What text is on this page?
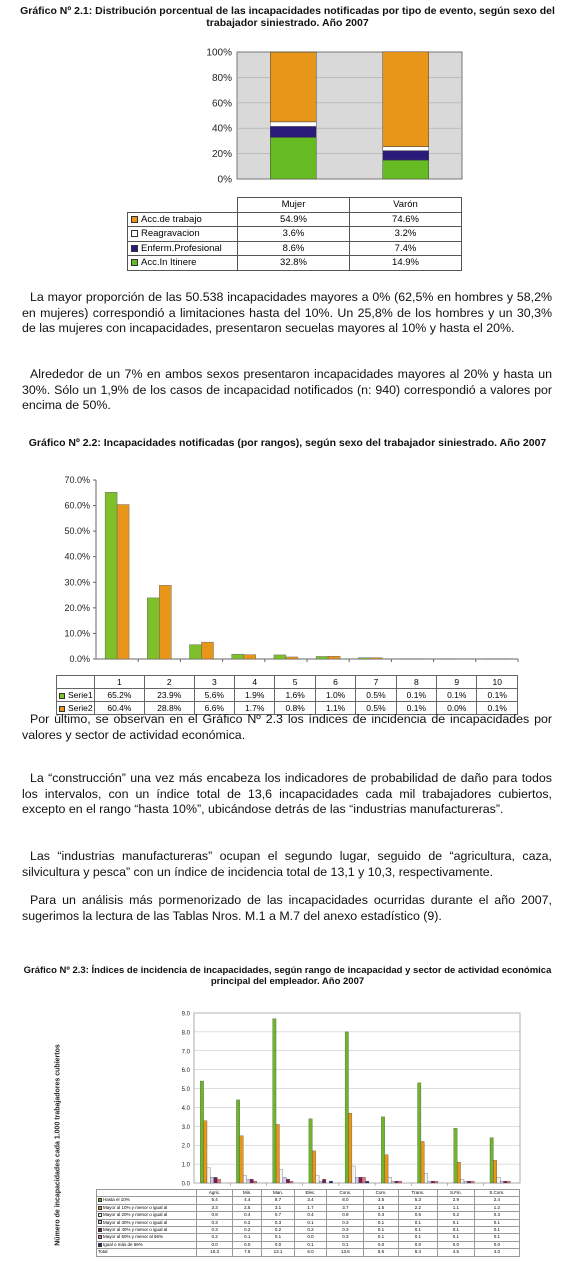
Gráfico Nº 2.1: Distribución porcentual de las incapacidades notificadas por tipo de evento, según sexo del trabajador siniestrado. Año 2007
0%
20%
40%
60%
80%
100%
	Mujer	Varón
Acc.de trabajo	54.9%	74.6%
Reagravacion	3.6%	3.2%
Enferm.Profesional	8.6%	7.4%
Acc.In Itinere	32.8%	14.9%
La mayor proporción de las 50.538 incapacidades mayores a 0% (62,5% en hombres y 58,2% en mujeres) correspondió a limitaciones hasta del 10%. Un 25,8% de los hombres y un 30,3% de las mujeres con incapacidades, presentaron secuelas mayores al 10% y hasta el 20%.
Alrededor de un 7% en ambos sexos presentaron incapacidades mayores al 20% y hasta un 30%. Sólo un 1,9% de los casos de incapacidad notificados (n: 940) correspondió a valores por encima de 50%.
Gráfico Nº 2.2: Incapacidades notificadas (por rangos), según sexo del trabajador siniestrado. Año 2007
0.0%
10.0%
20.0%
30.0%
40.0%
50.0%
60.0%
70.0%
	1	2	3	4	5	6	7	8	9	10
Serie1	65.2%	23.9%	5.6%	1.9%	1.6%	1.0%	0.5%	0.1%	0.1%	0.1%
Serie2	60.4%	28.8%	6.6%	1.7%	0.8%	1.1%	0.5%	0.1%	0.0%	0.1%
Por último, se observan en el Gráfico Nº 2.3 los índices de incidencia de incapacidades por valores y sector de actividad económica.
La “construcción” una vez más encabeza los indicadores de probabilidad de daño para todos los intervalos, con un índice total de 13,6 incapacidades cada mil trabajadores cubiertos, excepto en el rango “hasta 10%”, ubicándose detrás de las “industrias manufactureras”.
Las “industrias manufactureras” ocupan el segundo lugar, seguido de “agricultura, caza, silvicultura y pesca” con un índice de incidencia total de 13,1 y 10,3, respectivamente.
Para un análisis más pormenorizado de las incapacidades ocurridas durante el año 2007, sugerimos la lectura de las Tablas Nros. M.1 a M.7 del anexo estadístico (9).
Gráfico Nº 2.3: Índices de incidencia de incapacidades, según rango de incapacidad y sector de actividad económica principal del empleador. Año 2007
Número de incapacidades cada 1.000 trabajadores cubiertos	0.0
1.0
2.0
3.0
4.0
5.0
6.0
7.0
8.0
9.0
	Agric.	Min.	Man.	Elec.	Cons.	Com.	Trans.	S.Fin.	S.Com.
Hasta el 10%	5.4	4.4	8.7	3.4	8.0	3.5	5.3	2.9	2.4
Mayor al 10% y menor o igual al	3.3	2.5	3.1	1.7	3.7	1.5	2.2	1.1	1.2
Mayor al 20% y menor o igual al	0.8	0.4	0.7	0.4	0.9	0.3	0.5	0.2	0.3
Mayor al 30% y menor o igual al	0.3	0.2	0.3	0.1	0.3	0.1	0.1	0.1	0.1
Mayor al 40% y menor o igual al	0.3	0.2	0.2	0.2	0.3	0.1	0.1	0.1	0.1
Mayor al 50% y menor al 66%	0.2	0.1	0.1	0.0	0.3	0.1	0.1	0.1	0.1
Igual o más de 66%	0.0	0.0	0.0	0.1	0.1	0.0	0.0	0.0	0.0
Total	10.3	7.8	13.1	6.0	13.6	5.6	8.4	4.5	4.0
